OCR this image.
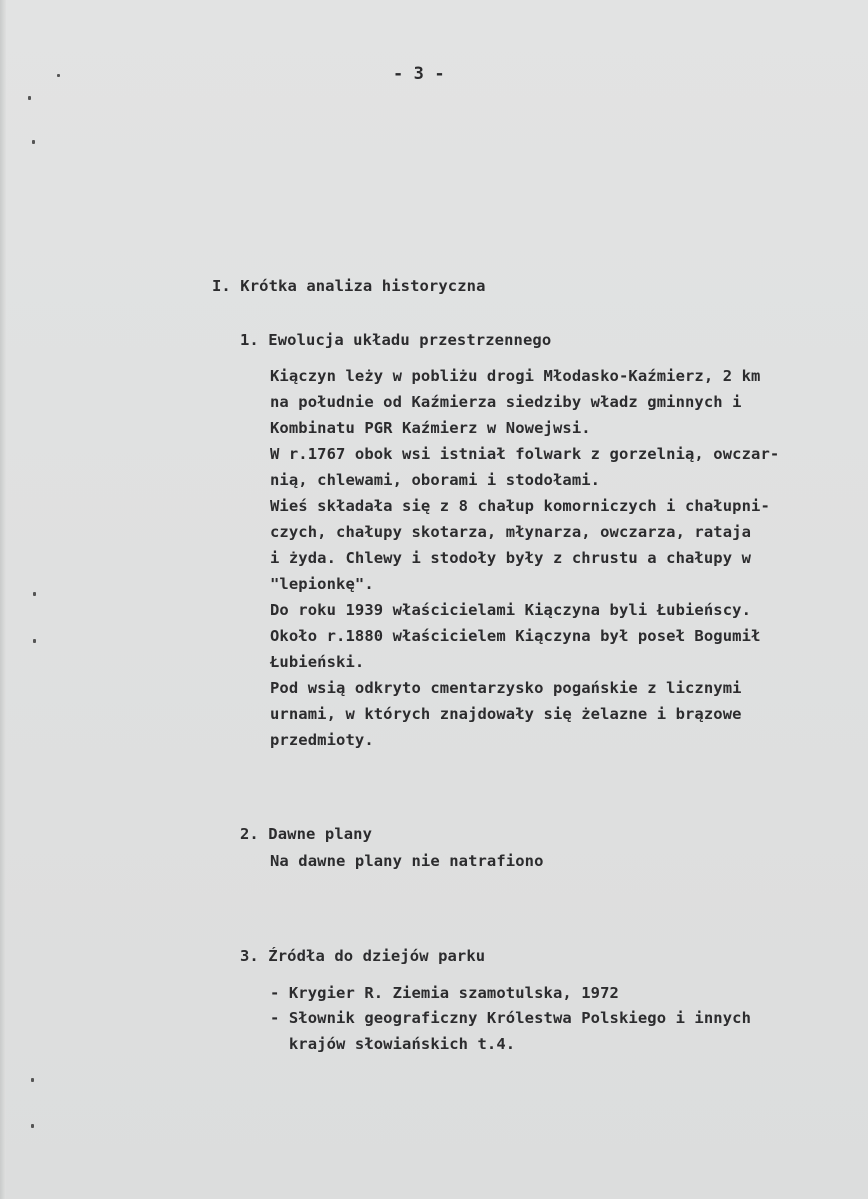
- 3 -
I. Krótka analiza historyczna
1. Ewolucja układu przestrzennego
Kiączyn leży w pobliżu drogi Młodasko-Kaźmierz, 2 km
na południe od Kaźmierza siedziby władz gminnych i
Kombinatu PGR Kaźmierz w Nowejwsi.
W r.1767 obok wsi istniał folwark z gorzelnią, owczar-
nią, chlewami, oborami i stodołami.
Wieś składała się z 8 chałup komorniczych i chałupni-
czych, chałupy skotarza, młynarza, owczarza, rataja
i żyda. Chlewy i stodoły były z chrustu a chałupy w
"lepionkę".
Do roku 1939 właścicielami Kiączyna byli Łubieńscy.
Około r.1880 właścicielem Kiączyna był poseł Bogumił
Łubieński.
Pod wsią odkryto cmentarzysko pogańskie z licznymi
urnami, w których znajdowały się żelazne i brązowe
przedmioty.
2. Dawne plany
Na dawne plany nie natrafiono
3. Źródła do dziejów parku
- Krygier R. Ziemia szamotulska, 1972
- Słownik geograficzny Królestwa Polskiego i innych
krajów słowiańskich t.4.
